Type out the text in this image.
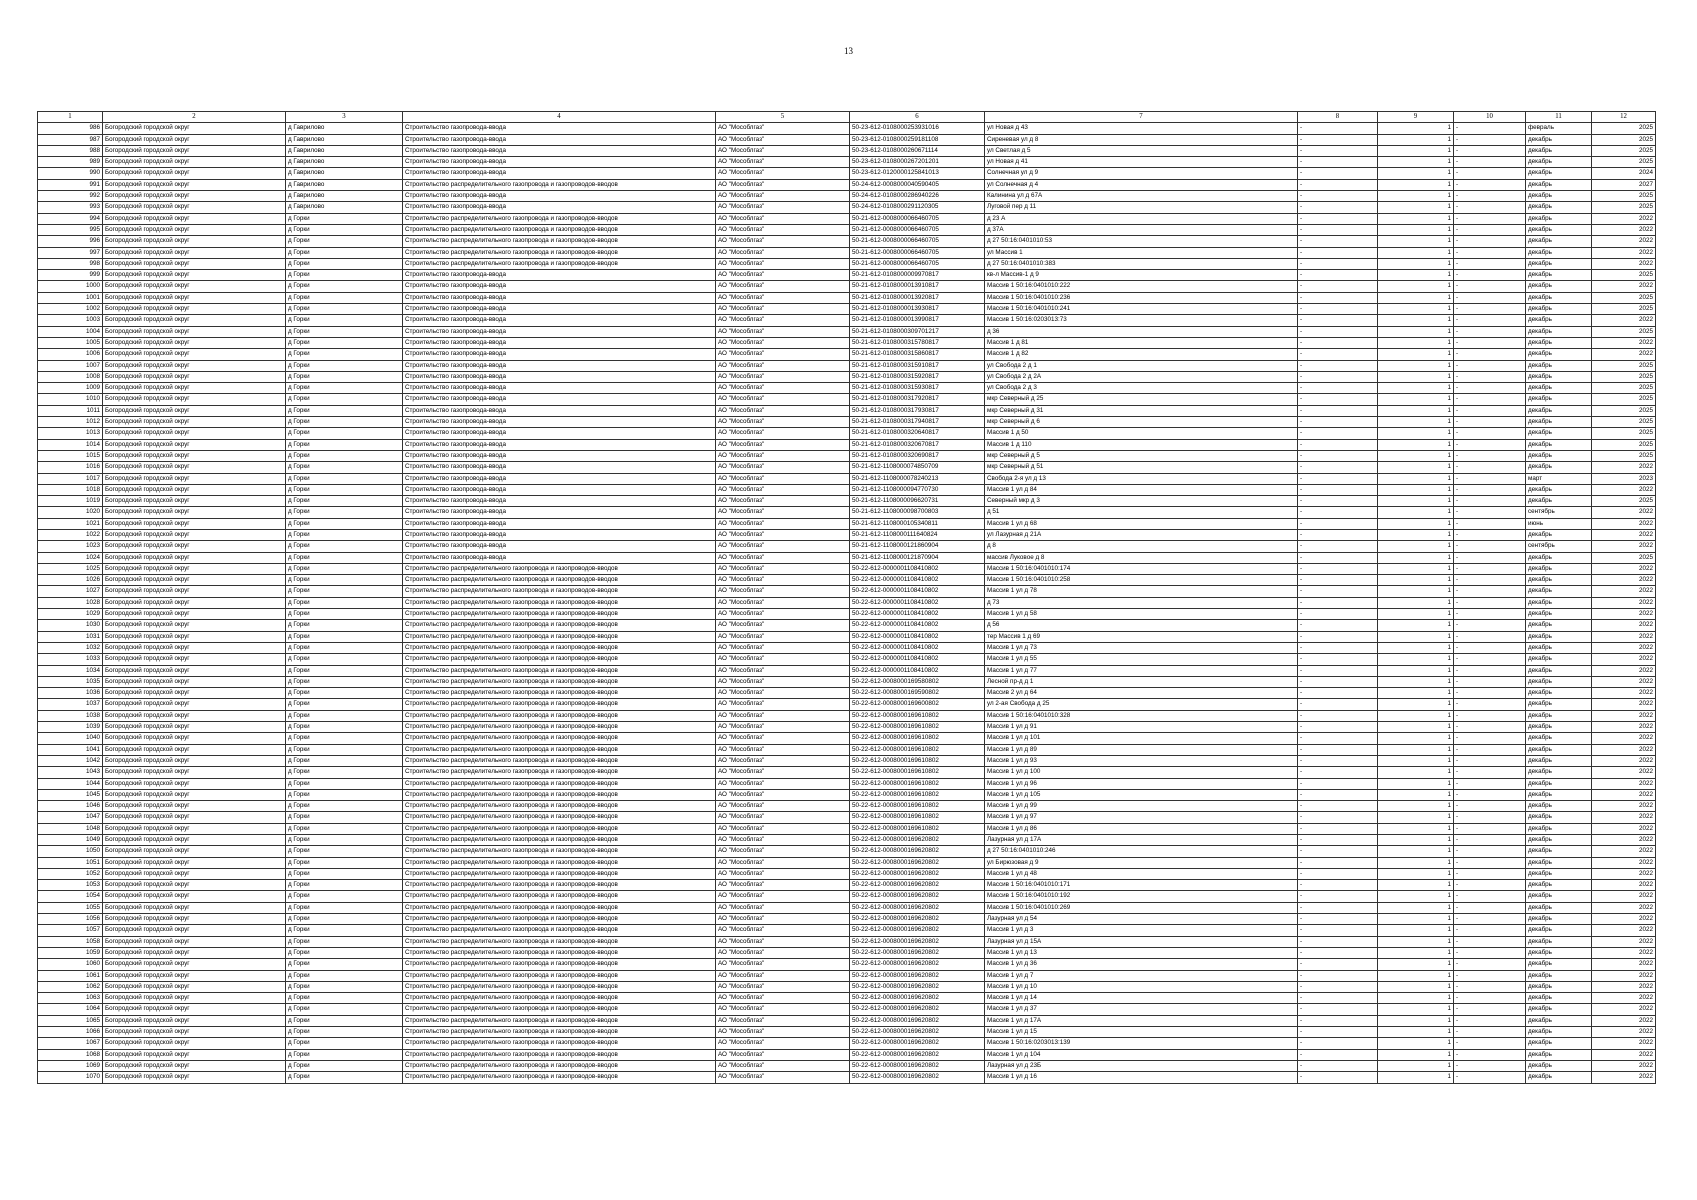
13
1	2	3	4	5	6	7	8	9	10	11	12
986	Богородский городской округ	д Гаврилово	Строительство газопровода-ввода	АО "Мособлгаз"	50-23-612-0108000253931016	ул Новая д 43	-	1	-	февраль	2025
987	Богородский городской округ	д Гаврилово	Строительство газопровода-ввода	АО "Мособлгаз"	50-23-612-0108000259181108	Сиреневая ул д 8	-	1	-	декабрь	2025
988	Богородский городской округ	д Гаврилово	Строительство газопровода-ввода	АО "Мособлгаз"	50-23-612-0108000260671114	ул Светлая д 5	-	1	-	декабрь	2025
989	Богородский городской округ	д Гаврилово	Строительство газопровода-ввода	АО "Мособлгаз"	50-23-612-0108000267201201	ул Новая д 41	-	1	-	декабрь	2025
990	Богородский городской округ	д Гаврилово	Строительство газопровода-ввода	АО "Мособлгаз"	50-23-612-0120000125841013	Солнечная ул д 9	-	1	-	декабрь	2024
991	Богородский городской округ	д Гаврилово	Строительство распределительного газопровода и газопроводов-вводов	АО "Мособлгаз"	50-24-612-0008000040590405	ул Солнечная д 4	-	1	-	декабрь	2027
992	Богородский городской округ	д Гаврилово	Строительство газопровода-ввода	АО "Мособлгаз"	50-24-612-0108000286940226	Калинина ул д 67А	-	1	-	декабрь	2025
993	Богородский городской округ	д Гаврилово	Строительство газопровода-ввода	АО "Мособлгаз"	50-24-612-0108000291120305	Луговой пер д 11	-	1	-	декабрь	2025
994	Богородский городской округ	д Горки	Строительство распределительного газопровода и газопроводов-вводов	АО "Мособлгаз"	50-21-612-0008000066460705	д 23 А	-	1	-	декабрь	2022
995	Богородский городской округ	д Горки	Строительство распределительного газопровода и газопроводов-вводов	АО "Мособлгаз"	50-21-612-0008000066460705	д 37А	-	1	-	декабрь	2022
996	Богородский городской округ	д Горки	Строительство распределительного газопровода и газопроводов-вводов	АО "Мособлгаз"	50-21-612-0008000066460705	д 27 50:16:0401010:53	-	1	-	декабрь	2022
997	Богородский городской округ	д Горки	Строительство распределительного газопровода и газопроводов-вводов	АО "Мособлгаз"	50-21-612-0008000066460705	ул Массив 1	-	1	-	декабрь	2022
998	Богородский городской округ	д Горки	Строительство распределительного газопровода и газопроводов-вводов	АО "Мособлгаз"	50-21-612-0008000066460705	д 27 50:16:0401010:383	-	1	-	декабрь	2022
999	Богородский городской округ	д Горки	Строительство газопровода-ввода	АО "Мособлгаз"	50-21-612-0108000009970817	кв-л Массив-1 д 9	-	1	-	декабрь	2025
1000	Богородский городской округ	д Горки	Строительство газопровода-ввода	АО "Мособлгаз"	50-21-612-0108000013910817	Массив 1 50:16:0401010:222	-	1	-	декабрь	2022
1001	Богородский городской округ	д Горки	Строительство газопровода-ввода	АО "Мособлгаз"	50-21-612-0108000013920817	Массив 1 50:16:0401010:236	-	1	-	декабрь	2025
1002	Богородский городской округ	д Горки	Строительство газопровода-ввода	АО "Мособлгаз"	50-21-612-0108000013930817	Массив 1 50:16:0401010:241	-	1	-	декабрь	2025
1003	Богородский городской округ	д Горки	Строительство газопровода-ввода	АО "Мособлгаз"	50-21-612-0108000013990817	Массив 1 50:16:0203013:73	-	1	-	декабрь	2022
1004	Богородский городской округ	д Горки	Строительство газопровода-ввода	АО "Мособлгаз"	50-21-612-0108000309701217	д 36	-	1	-	декабрь	2025
1005	Богородский городской округ	д Горки	Строительство газопровода-ввода	АО "Мособлгаз"	50-21-612-0108000315780817	Массив 1 д 81	-	1	-	декабрь	2022
1006	Богородский городской округ	д Горки	Строительство газопровода-ввода	АО "Мособлгаз"	50-21-612-0108000315860817	Массив 1 д 82	-	1	-	декабрь	2022
1007	Богородский городской округ	д Горки	Строительство газопровода-ввода	АО "Мособлгаз"	50-21-612-0108000315910817	ул Свобода 2 д 1	-	1	-	декабрь	2025
1008	Богородский городской округ	д Горки	Строительство газопровода-ввода	АО "Мособлгаз"	50-21-612-0108000315920817	ул Свобода 2 д 2А	-	1	-	декабрь	2025
1009	Богородский городской округ	д Горки	Строительство газопровода-ввода	АО "Мособлгаз"	50-21-612-0108000315930817	ул Свобода 2 д 3	-	1	-	декабрь	2025
1010	Богородский городской округ	д Горки	Строительство газопровода-ввода	АО "Мособлгаз"	50-21-612-0108000317920817	мкр Северный д 25	-	1	-	декабрь	2025
1011	Богородский городской округ	д Горки	Строительство газопровода-ввода	АО "Мособлгаз"	50-21-612-0108000317930817	мкр Северный д 31	-	1	-	декабрь	2025
1012	Богородский городской округ	д Горки	Строительство газопровода-ввода	АО "Мособлгаз"	50-21-612-0108000317940817	мкр Северный д 6	-	1	-	декабрь	2025
1013	Богородский городской округ	д Горки	Строительство газопровода-ввода	АО "Мособлгаз"	50-21-612-0108000320640817	Массив 1 д 50	-	1	-	декабрь	2025
1014	Богородский городской округ	д Горки	Строительство газопровода-ввода	АО "Мособлгаз"	50-21-612-0108000320670817	Массив 1 д 110	-	1	-	декабрь	2025
1015	Богородский городской округ	д Горки	Строительство газопровода-ввода	АО "Мособлгаз"	50-21-612-0108000320690817	мкр Северный д 5	-	1	-	декабрь	2025
1016	Богородский городской округ	д Горки	Строительство газопровода-ввода	АО "Мособлгаз"	50-21-612-1108000074850709	мкр Северный д 51	-	1	-	декабрь	2022
1017	Богородский городской округ	д Горки	Строительство газопровода-ввода	АО "Мособлгаз"	50-21-612-1108000078240213	Свобода 2-я ул д 13	-	1	-	март	2023
1018	Богородский городской округ	д Горки	Строительство газопровода-ввода	АО "Мособлгаз"	50-21-612-1108000094770730	Массив 1 ул д 84	-	1	-	декабрь	2022
1019	Богородский городской округ	д Горки	Строительство газопровода-ввода	АО "Мособлгаз"	50-21-612-1108000096620731	Северный мкр д 3	-	1	-	декабрь	2025
1020	Богородский городской округ	д Горки	Строительство газопровода-ввода	АО "Мособлгаз"	50-21-612-1108000098700803	д 51	-	1	-	сентябрь	2022
1021	Богородский городской округ	д Горки	Строительство газопровода-ввода	АО "Мособлгаз"	50-21-612-1108000105340811	Массив 1 ул д 68	-	1	-	июнь	2022
1022	Богородский городской округ	д Горки	Строительство газопровода-ввода	АО "Мособлгаз"	50-21-612-1108000111640824	ул Лазурная д 21А	-	1	-	декабрь	2022
1023	Богородский городской округ	д Горки	Строительство газопровода-ввода	АО "Мособлгаз"	50-21-612-1108000121860904	д 8	-	1	-	сентябрь	2022
1024	Богородский городской округ	д Горки	Строительство газопровода-ввода	АО "Мособлгаз"	50-21-612-1108000121870904	массив Луковое д 8	-	1	-	декабрь	2025
1025	Богородский городской округ	д Горки	Строительство распределительного газопровода и газопроводов-вводов	АО "Мособлгаз"	50-22-612-0000001108410802	Массив 1 50:16:0401010:174	-	1	-	декабрь	2022
1026	Богородский городской округ	д Горки	Строительство распределительного газопровода и газопроводов-вводов	АО "Мособлгаз"	50-22-612-0000001108410802	Массив 1 50:16:0401010:258	-	1	-	декабрь	2022
1027	Богородский городской округ	д Горки	Строительство распределительного газопровода и газопроводов-вводов	АО "Мособлгаз"	50-22-612-0000001108410802	Массив 1 ул д 78	-	1	-	декабрь	2022
1028	Богородский городской округ	д Горки	Строительство распределительного газопровода и газопроводов-вводов	АО "Мособлгаз"	50-22-612-0000001108410802	д 73	-	1	-	декабрь	2022
1029	Богородский городской округ	д Горки	Строительство распределительного газопровода и газопроводов-вводов	АО "Мособлгаз"	50-22-612-0000001108410802	Массив 1 ул д 58	-	1	-	декабрь	2022
1030	Богородский городской округ	д Горки	Строительство распределительного газопровода и газопроводов-вводов	АО "Мособлгаз"	50-22-612-0000001108410802	д 56	-	1	-	декабрь	2022
1031	Богородский городской округ	д Горки	Строительство распределительного газопровода и газопроводов-вводов	АО "Мособлгаз"	50-22-612-0000001108410802	тер Массив 1 д 69	-	1	-	декабрь	2022
1032	Богородский городской округ	д Горки	Строительство распределительного газопровода и газопроводов-вводов	АО "Мособлгаз"	50-22-612-0000001108410802	Массив 1 ул д 73	-	1	-	декабрь	2022
1033	Богородский городской округ	д Горки	Строительство распределительного газопровода и газопроводов-вводов	АО "Мособлгаз"	50-22-612-0000001108410802	Массив 1 ул д 55	-	1	-	декабрь	2022
1034	Богородский городской округ	д Горки	Строительство распределительного газопровода и газопроводов-вводов	АО "Мособлгаз"	50-22-612-0000001108410802	Массив 1 ул д 77	-	1	-	декабрь	2022
1035	Богородский городской округ	д Горки	Строительство распределительного газопровода и газопроводов-вводов	АО "Мособлгаз"	50-22-612-0008000169580802	Лесной пр-д д 1	-	1	-	декабрь	2022
1036	Богородский городской округ	д Горки	Строительство распределительного газопровода и газопроводов-вводов	АО "Мособлгаз"	50-22-612-0008000169590802	Массив 2 ул д 64	-	1	-	декабрь	2022
1037	Богородский городской округ	д Горки	Строительство распределительного газопровода и газопроводов-вводов	АО "Мособлгаз"	50-22-612-0008000169600802	ул 2-ая Свобода д 25	-	1	-	декабрь	2022
1038	Богородский городской округ	д Горки	Строительство распределительного газопровода и газопроводов-вводов	АО "Мособлгаз"	50-22-612-0008000169610802	Массив 1 50:16:0401010:328	-	1	-	декабрь	2022
1039	Богородский городской округ	д Горки	Строительство распределительного газопровода и газопроводов-вводов	АО "Мособлгаз"	50-22-612-0008000169610802	Массив 1 ул д 91	-	1	-	декабрь	2022
1040	Богородский городской округ	д Горки	Строительство распределительного газопровода и газопроводов-вводов	АО "Мособлгаз"	50-22-612-0008000169610802	Массив 1 ул д 101	-	1	-	декабрь	2022
1041	Богородский городской округ	д Горки	Строительство распределительного газопровода и газопроводов-вводов	АО "Мособлгаз"	50-22-612-0008000169610802	Массив 1 ул д 89	-	1	-	декабрь	2022
1042	Богородский городской округ	д Горки	Строительство распределительного газопровода и газопроводов-вводов	АО "Мособлгаз"	50-22-612-0008000169610802	Массив 1 ул д 93	-	1	-	декабрь	2022
1043	Богородский городской округ	д Горки	Строительство распределительного газопровода и газопроводов-вводов	АО "Мособлгаз"	50-22-612-0008000169610802	Массив 1 ул д 100	-	1	-	декабрь	2022
1044	Богородский городской округ	д Горки	Строительство распределительного газопровода и газопроводов-вводов	АО "Мособлгаз"	50-22-612-0008000169610802	Массив 1 ул д 96	-	1	-	декабрь	2022
1045	Богородский городской округ	д Горки	Строительство распределительного газопровода и газопроводов-вводов	АО "Мособлгаз"	50-22-612-0008000169610802	Массив 1 ул д 105	-	1	-	декабрь	2022
1046	Богородский городской округ	д Горки	Строительство распределительного газопровода и газопроводов-вводов	АО "Мособлгаз"	50-22-612-0008000169610802	Массив 1 ул д 99	-	1	-	декабрь	2022
1047	Богородский городской округ	д Горки	Строительство распределительного газопровода и газопроводов-вводов	АО "Мособлгаз"	50-22-612-0008000169610802	Массив 1 ул д 97	-	1	-	декабрь	2022
1048	Богородский городской округ	д Горки	Строительство распределительного газопровода и газопроводов-вводов	АО "Мособлгаз"	50-22-612-0008000169610802	Массив 1 ул д 86	-	1	-	декабрь	2022
1049	Богородский городской округ	д Горки	Строительство распределительного газопровода и газопроводов-вводов	АО "Мособлгаз"	50-22-612-0008000169620802	Лазурная ул д 17А	-	1	-	декабрь	2022
1050	Богородский городской округ	д Горки	Строительство распределительного газопровода и газопроводов-вводов	АО "Мособлгаз"	50-22-612-0008000169620802	д 27 50:16:0401010:246	-	1	-	декабрь	2022
1051	Богородский городской округ	д Горки	Строительство распределительного газопровода и газопроводов-вводов	АО "Мособлгаз"	50-22-612-0008000169620802	ул Бирюзовая д 9	-	1	-	декабрь	2022
1052	Богородский городской округ	д Горки	Строительство распределительного газопровода и газопроводов-вводов	АО "Мособлгаз"	50-22-612-0008000169620802	Массив 1 ул д 48	-	1	-	декабрь	2022
1053	Богородский городской округ	д Горки	Строительство распределительного газопровода и газопроводов-вводов	АО "Мособлгаз"	50-22-612-0008000169620802	Массив 1 50:16:0401010:171	-	1	-	декабрь	2022
1054	Богородский городской округ	д Горки	Строительство распределительного газопровода и газопроводов-вводов	АО "Мособлгаз"	50-22-612-0008000169620802	Массив 1 50:16:0401010:192	-	1	-	декабрь	2022
1055	Богородский городской округ	д Горки	Строительство распределительного газопровода и газопроводов-вводов	АО "Мособлгаз"	50-22-612-0008000169620802	Массив 1 50:16:0401010:269	-	1	-	декабрь	2022
1056	Богородский городской округ	д Горки	Строительство распределительного газопровода и газопроводов-вводов	АО "Мособлгаз"	50-22-612-0008000169620802	Лазурная ул д 54	-	1	-	декабрь	2022
1057	Богородский городской округ	д Горки	Строительство распределительного газопровода и газопроводов-вводов	АО "Мособлгаз"	50-22-612-0008000169620802	Массив 1 ул д 3	-	1	-	декабрь	2022
1058	Богородский городской округ	д Горки	Строительство распределительного газопровода и газопроводов-вводов	АО "Мособлгаз"	50-22-612-0008000169620802	Лазурная ул д 15А	-	1	-	декабрь	2022
1059	Богородский городской округ	д Горки	Строительство распределительного газопровода и газопроводов-вводов	АО "Мособлгаз"	50-22-612-0008000169620802	Массив 1 ул д 13	-	1	-	декабрь	2022
1060	Богородский городской округ	д Горки	Строительство распределительного газопровода и газопроводов-вводов	АО "Мособлгаз"	50-22-612-0008000169620802	Массив 1 ул д 36	-	1	-	декабрь	2022
1061	Богородский городской округ	д Горки	Строительство распределительного газопровода и газопроводов-вводов	АО "Мособлгаз"	50-22-612-0008000169620802	Массив 1 ул д 7	-	1	-	декабрь	2022
1062	Богородский городской округ	д Горки	Строительство распределительного газопровода и газопроводов-вводов	АО "Мособлгаз"	50-22-612-0008000169620802	Массив 1 ул д 10	-	1	-	декабрь	2022
1063	Богородский городской округ	д Горки	Строительство распределительного газопровода и газопроводов-вводов	АО "Мособлгаз"	50-22-612-0008000169620802	Массив 1 ул д 14	-	1	-	декабрь	2022
1064	Богородский городской округ	д Горки	Строительство распределительного газопровода и газопроводов-вводов	АО "Мособлгаз"	50-22-612-0008000169620802	Массив 1 ул д 37	-	1	-	декабрь	2022
1065	Богородский городской округ	д Горки	Строительство распределительного газопровода и газопроводов-вводов	АО "Мособлгаз"	50-22-612-0008000169620802	Массив 1 ул д 17А	-	1	-	декабрь	2022
1066	Богородский городской округ	д Горки	Строительство распределительного газопровода и газопроводов-вводов	АО "Мособлгаз"	50-22-612-0008000169620802	Массив 1 ул д 15	-	1	-	декабрь	2022
1067	Богородский городской округ	д Горки	Строительство распределительного газопровода и газопроводов-вводов	АО "Мособлгаз"	50-22-612-0008000169620802	Массив 1 50:16:0203013:139	-	1	-	декабрь	2022
1068	Богородский городской округ	д Горки	Строительство распределительного газопровода и газопроводов-вводов	АО "Мособлгаз"	50-22-612-0008000169620802	Массив 1 ул д 104	-	1	-	декабрь	2022
1069	Богородский городской округ	д Горки	Строительство распределительного газопровода и газопроводов-вводов	АО "Мособлгаз"	50-22-612-0008000169620802	Лазурная ул д 23Б	-	1	-	декабрь	2022
1070	Богородский городской округ	д Горки	Строительство распределительного газопровода и газопроводов-вводов	АО "Мособлгаз"	50-22-612-0008000169620802	Массив 1 ул д 16	-	1	-	декабрь	2022
